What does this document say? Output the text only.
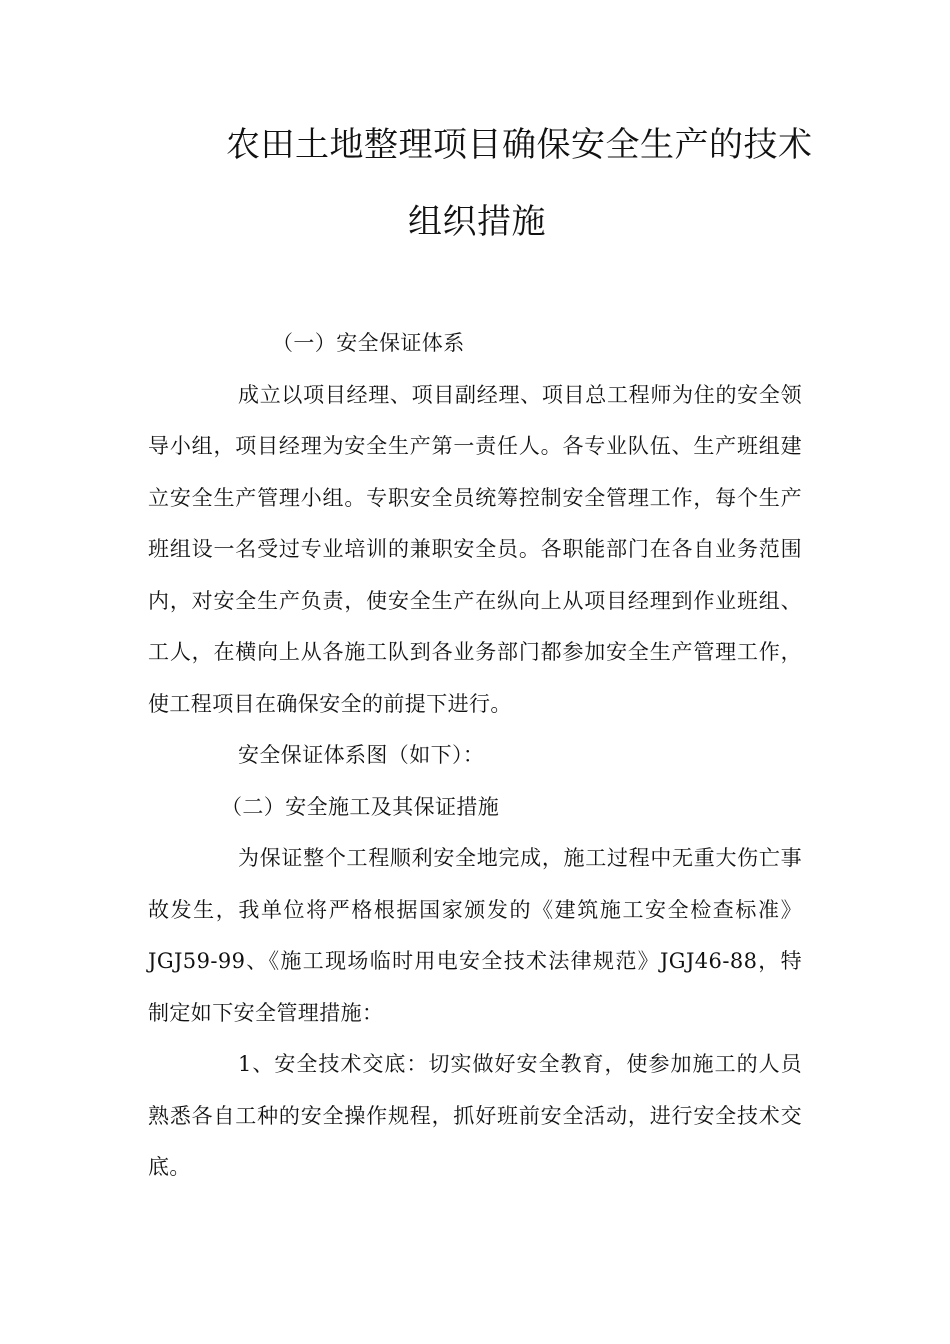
农田土地整理项目确保安全生产的技术
组织措施

（一）安全保证体系

成立以项目经理、项目副经理、项目总工程师为住的安全领导小组，项目经理为安全生产第一责任人。各专业队伍、生产班组建立安全生产管理小组。专职安全员统筹控制安全管理工作，每个生产班组设一名受过专业培训的兼职安全员。各职能部门在各自业务范围内，对安全生产负责，使安全生产在纵向上从项目经理到作业班组、工人，在横向上从各施工队到各业务部门都参加安全生产管理工作，使工程项目在确保安全的前提下进行。

安全保证体系图（如下）：

（二）安全施工及其保证措施

为保证整个工程顺利安全地完成，施工过程中无重大伤亡事故发生，我单位将严格根据国家颁发的《建筑施工安全检查标准》JGJ59-99、《施工现场临时用电安全技术法律规范》JGJ46-88，特制定如下安全管理措施：

1、安全技术交底：切实做好安全教育，使参加施工的人员熟悉各自工种的安全操作规程，抓好班前安全活动，进行安全技术交底。
